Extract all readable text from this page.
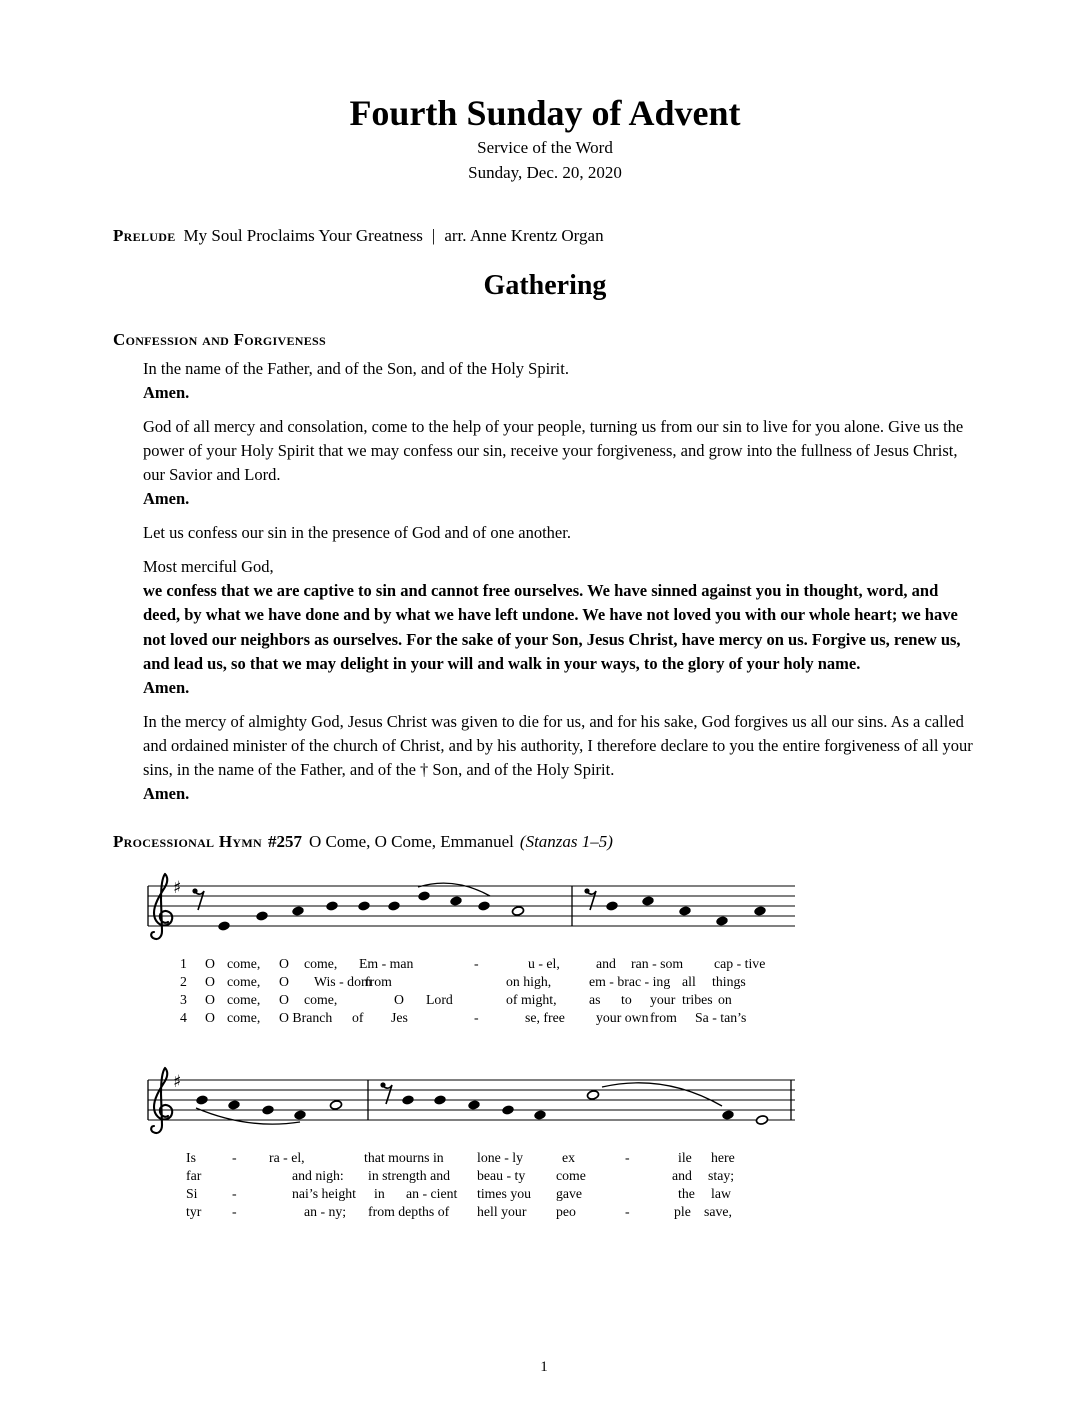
Fourth Sunday of Advent
Service of the Word
Sunday, Dec. 20, 2020
Prelude My Soul Proclaims Your Greatness | arr. Anne Krentz Organ
Gathering
Confession and Forgiveness
In the name of the Father, and of the Son, and of the Holy Spirit.
Amen.
God of all mercy and consolation, come to the help of your people, turning us from our sin to live for you alone. Give us the power of your Holy Spirit that we may confess our sin, receive your forgiveness, and grow into the fullness of Jesus Christ, our Savior and Lord.
Amen.
Let us confess our sin in the presence of God and of one another.
Most merciful God,
we confess that we are captive to sin and cannot free ourselves. We have sinned against you in thought, word, and deed, by what we have done and by what we have left undone. We have not loved you with our whole heart; we have not loved our neighbors as ourselves. For the sake of your Son, Jesus Christ, have mercy on us. Forgive us, renew us, and lead us, so that we may delight in your will and walk in your ways, to the glory of your holy name.
Amen.
In the mercy of almighty God, Jesus Christ was given to die for us, and for his sake, God forgives us all our sins. As a called and ordained minister of the church of Christ, and by his authority, I therefore declare to you the entire forgiveness of all your sins, in the name of the Father, and of the † Son, and of the Holy Spirit.
Amen.
Processional Hymn #257 O Come, O Come, Emmanuel (Stanzas 1–5)
♯
1 O come, O come, Em - man	-	u - el,	and ran - som cap - tive
2 O come, O Wis - dom
from	on high,	em - brac - ing all things
3 O come, O come,	O Lord	of might, as to your tribes on
4 O come, O Branch of Jes	-	se, free your own from Sa - tan’s
♯
Is	- ra - el,	that mourns in lone - ly	ex	-	ile here
far	and nigh: in strength and beau - ty come	and stay;
Si -	nai’s height in an - cient times you gave	the law
tyr -	an - ny; from depths of hell your peo	-	ple save,
1
